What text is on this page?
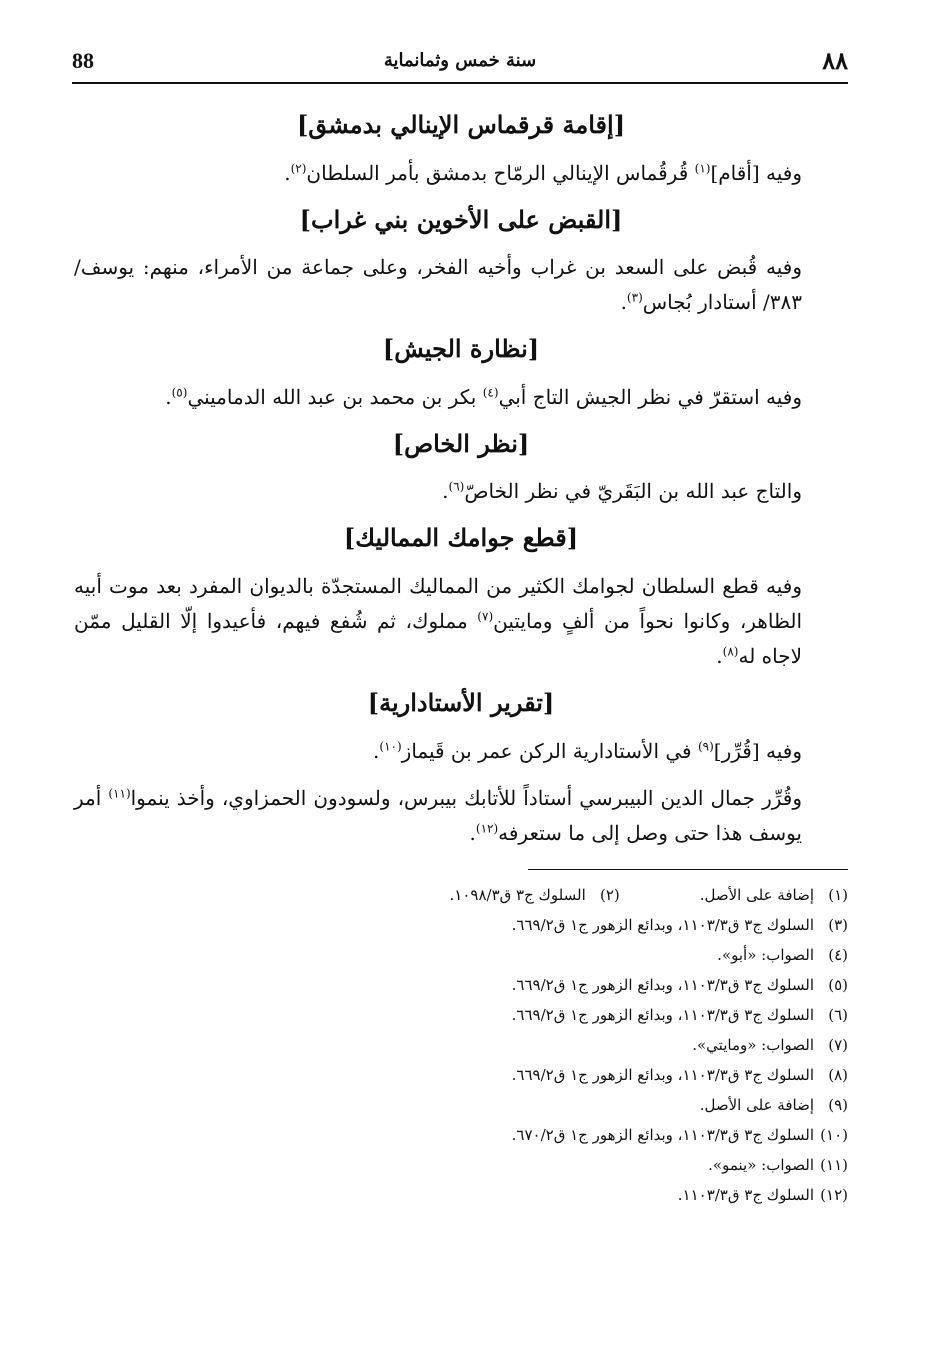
٨٨
سنة خمس وثمانماية
88
[إقامة قرقماس الإينالي بدمشق]

وفيه [أقام]$^{(١)}$ قُرقُماس الإينالي الرمّاح بدمشق بأمر السلطان$^{(٢)}$.

[القبض على الأخوين بني غراب]

وفيه قُبض على السعد بن غراب وأخيه الفخر، وعلى جماعة من الأمراء، منهم: يوسف/ ٣٨٣/ أستادار بُجاس$^{(٣)}$.

[نظارة الجيش]

وفيه استقرّ في نظر الجيش التاج أبي$^{(٤)}$ بكر بن محمد بن عبد الله الدماميني$^{(٥)}$.

[نظر الخاص]

والتاج عبد الله بن البَقَريّ في نظر الخاصّ$^{(٦)}$.

[قطع جوامك المماليك]

وفيه قطع السلطان لجوامك الكثير من المماليك المستجدّة بالديوان المفرد بعد موت أبيه الظاهر، وكانوا نحواً من ألفٍ ومايتين$^{(٧)}$ مملوك، ثم شُفع فيهم، فأعيدوا إلّا القليل ممّن لاجاه له$^{(٨)}$.

[تقرير الأستادارية]

وفيه [قُرِّر]$^{(٩)}$ في الأستادارية الركن عمر بن قَيماز$^{(١٠)}$.

وقُرِّر جمال الدين البيبرسي أستاداً للأتابك بيبرس، ولسودون الحمزاوي، وأخذ ينموا$^{(١١)}$ أمر يوسف هذا حتى وصل إلى ما ستعرفه$^{(١٢)}$.

(١)
إضافة على الأصل.
(٢)
السلوك ج٣ ق١٠٩٨/٣.
(٣)
السلوك ج٣ ق١١٠٣/٣، وبدائع الزهور ج١ ق٦٦٩/٢.
(٤)
الصواب: «أبو».
(٥)
السلوك ج٣ ق١١٠٣/٣، وبدائع الزهور ج١ ق٦٦٩/٢.
(٦)
السلوك ج٣ ق١١٠٣/٣، وبدائع الزهور ج١ ق٦٦٩/٢.
(٧)
الصواب: «ومايتي».
(٨)
السلوك ج٣ ق١١٠٣/٣، وبدائع الزهور ج١ ق٦٦٩/٢.
(٩)
إضافة على الأصل.
(١٠)
السلوك ج٣ ق١١٠٣/٣، وبدائع الزهور ج١ ق٦٧٠/٢.
(١١)
الصواب: «ينمو».
(١٢)
السلوك ج٣ ق١١٠٣/٣.
